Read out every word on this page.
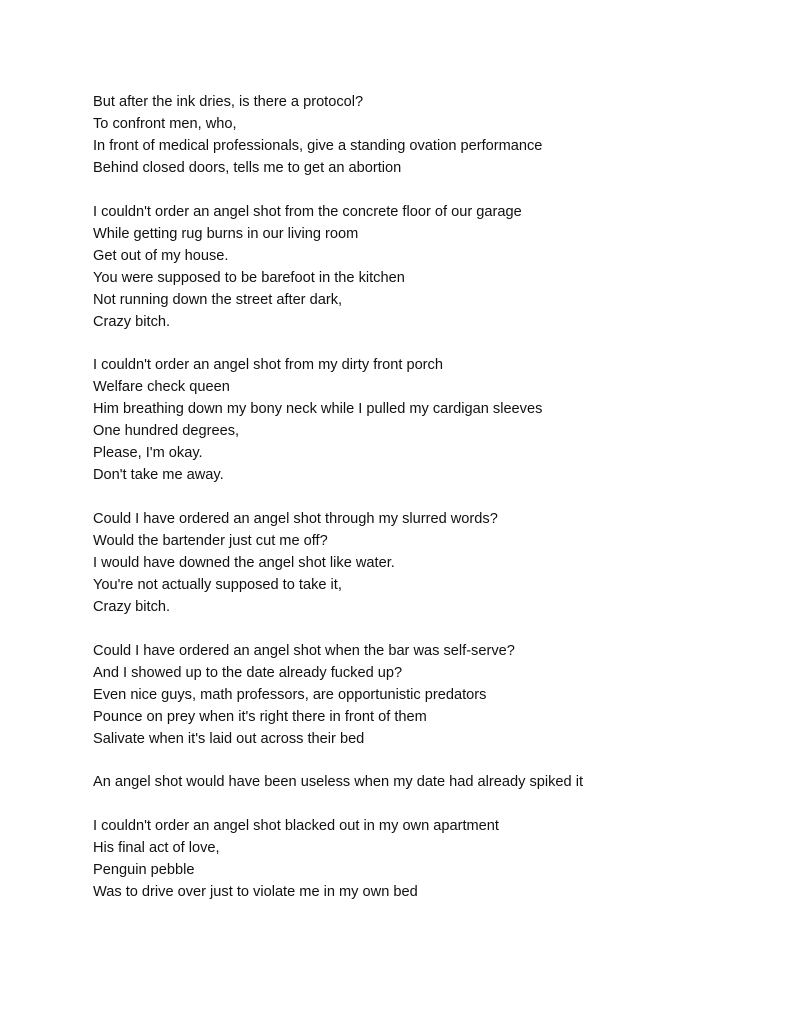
But after the ink dries, is there a protocol?
To confront men, who,
In front of medical professionals, give a standing ovation performance
Behind closed doors, tells me to get an abortion
I couldn't order an angel shot from the concrete floor of our garage
While getting rug burns in our living room
Get out of my house.
You were supposed to be barefoot in the kitchen
Not running down the street after dark,
Crazy bitch.
I couldn't order an angel shot from my dirty front porch
Welfare check queen
Him breathing down my bony neck while I pulled my cardigan sleeves
One hundred degrees,
Please, I'm okay.
Don't take me away.
Could I have ordered an angel shot through my slurred words?
Would the bartender just cut me off?
I would have downed the angel shot like water.
You're not actually supposed to take it,
Crazy bitch.
Could I have ordered an angel shot when the bar was self-serve?
And I showed up to the date already fucked up?
Even nice guys, math professors, are opportunistic predators
Pounce on prey when it's right there in front of them
Salivate when it's laid out across their bed
An angel shot would have been useless when my date had already spiked it
I couldn't order an angel shot blacked out in my own apartment
His final act of love,
Penguin pebble
Was to drive over just to violate me in my own bed
